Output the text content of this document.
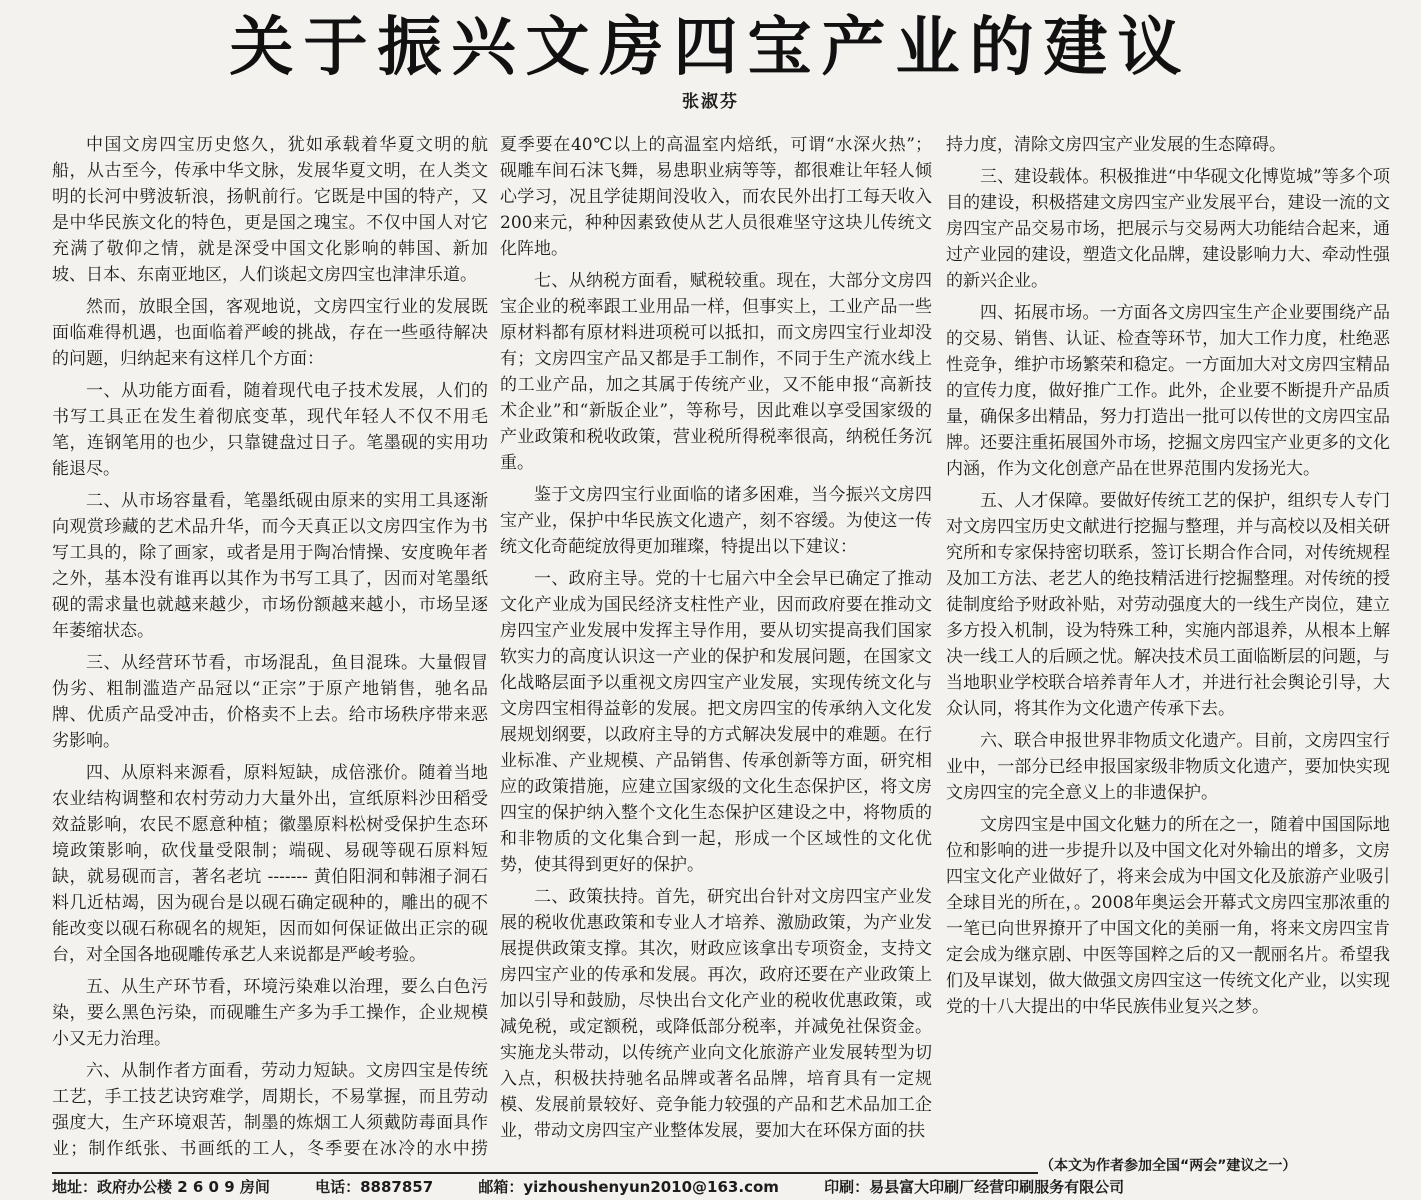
关于振兴文房四宝产业的建议
张淑芬

中国文房四宝历史悠久，犹如承载着华夏文明的航船，从古至今，传承中华文脉，发展华夏文明，在人类文明的长河中劈波斩浪，扬帆前行。它既是中国的特产，又是中华民族文化的特色，更是国之瑰宝。不仅中国人对它充满了敬仰之情，就是深受中国文化影响的韩国、新加坡、日本、东南亚地区，人们谈起文房四宝也津津乐道。

然而，放眼全国，客观地说，文房四宝行业的发展既面临难得机遇，也面临着严峻的挑战，存在一些亟待解决的问题，归纳起来有这样几个方面：

一、从功能方面看，随着现代电子技术发展，人们的书写工具正在发生着彻底变革，现代年轻人不仅不用毛笔，连钢笔用的也少，只靠键盘过日子。笔墨砚的实用功能退尽。

二、从市场容量看，笔墨纸砚由原来的实用工具逐渐向观赏珍藏的艺术品升华，而今天真正以文房四宝作为书写工具的，除了画家，或者是用于陶冶情操、安度晚年者之外，基本没有谁再以其作为书写工具了，因而对笔墨纸砚的需求量也就越来越少，市场份额越来越小，市场呈逐年萎缩状态。

三、从经营环节看，市场混乱，鱼目混珠。大量假冒伪劣、粗制滥造产品冠以“正宗”于原产地销售，驰名品牌、优质产品受冲击，价格卖不上去。给市场秩序带来恶劣影响。

四、从原料来源看，原料短缺，成倍涨价。随着当地农业结构调整和农村劳动力大量外出，宣纸原料沙田稻受效益影响，农民不愿意种植；徽墨原料松树受保护生态环境政策影响，砍伐量受限制；端砚、易砚等砚石原料短缺，就易砚而言，著名老坑 ------- 黄伯阳洞和韩湘子洞石料几近枯竭，因为砚台是以砚石确定砚种的，雕出的砚不能改变以砚石称砚名的规矩，因而如何保证做出正宗的砚台，对全国各地砚雕传承艺人来说都是严峻考验。

五、从生产环节看，环境污染难以治理，要么白色污染，要么黑色污染，而砚雕生产多为手工操作，企业规模小又无力治理。

六、从制作者方面看，劳动力短缺。文房四宝是传统工艺，手工技艺诀窍难学，周期长，不易掌握，而且劳动强度大，生产环境艰苦，制墨的炼烟工人须戴防毒面具作业；制作纸张、书画纸的工人，冬季要在冰冷的水中捞

夏季要在40℃以上的高温室内焙纸，可谓“水深火热”；砚雕车间石沫飞舞，易患职业病等等，都很难让年轻人倾心学习，况且学徒期间没收入，而农民外出打工每天收入200来元，种种因素致使从艺人员很难坚守这块儿传统文化阵地。

七、从纳税方面看，赋税较重。现在，大部分文房四宝企业的税率跟工业用品一样，但事实上，工业产品一些原材料都有原材料进项税可以抵扣，而文房四宝行业却没有；文房四宝产品又都是手工制作，不同于生产流水线上的工业产品，加之其属于传统产业，又不能申报“高新技术企业”和“新版企业”，等称号，因此难以享受国家级的产业政策和税收政策，营业税所得税率很高，纳税任务沉重。

鉴于文房四宝行业面临的诸多困难，当今振兴文房四宝产业，保护中华民族文化遗产，刻不容缓。为使这一传统文化奇葩绽放得更加璀璨，特提出以下建议：

一、政府主导。党的十七届六中全会早已确定了推动文化产业成为国民经济支柱性产业，因而政府要在推动文房四宝产业发展中发挥主导作用，要从切实提高我们国家软实力的高度认识这一产业的保护和发展问题，在国家文化战略层面予以重视文房四宝产业发展，实现传统文化与文房四宝相得益彰的发展。把文房四宝的传承纳入文化发展规划纲要，以政府主导的方式解决发展中的难题。在行业标准、产业规模、产品销售、传承创新等方面，研究相应的政策措施，应建立国家级的文化生态保护区，将文房四宝的保护纳入整个文化生态保护区建设之中，将物质的和非物质的文化集合到一起，形成一个区域性的文化优势，使其得到更好的保护。

二、政策扶持。首先，研究出台针对文房四宝产业发展的税收优惠政策和专业人才培养、激励政策，为产业发展提供政策支撑。其次，财政应该拿出专项资金，支持文房四宝产业的传承和发展。再次，政府还要在产业政策上加以引导和鼓励，尽快出台文化产业的税收优惠政策，或减免税，或定额税，或降低部分税率，并减免社保资金。实施龙头带动，以传统产业向文化旅游产业发展转型为切入点，积极扶持驰名品牌或著名品牌，培育具有一定规模、发展前景较好、竞争能力较强的产品和艺术品加工企业，带动文房四宝产业整体发展，要加大在环保方面的扶

持力度，清除文房四宝产业发展的生态障碍。

三、建设载体。积极推进“中华砚文化博览城”等多个项目的建设，积极搭建文房四宝产业发展平台，建设一流的文房四宝产品交易市场，把展示与交易两大功能结合起来，通过产业园的建设，塑造文化品牌，建设影响力大、牵动性强的新兴企业。

四、拓展市场。一方面各文房四宝生产企业要围绕产品的交易、销售、认证、检查等环节，加大工作力度，杜绝恶性竞争，维护市场繁荣和稳定。一方面加大对文房四宝精品的宣传力度，做好推广工作。此外，企业要不断提升产品质量，确保多出精品，努力打造出一批可以传世的文房四宝品牌。还要注重拓展国外市场，挖掘文房四宝产业更多的文化内涵，作为文化创意产品在世界范围内发扬光大。

五、人才保障。要做好传统工艺的保护，组织专人专门对文房四宝历史文献进行挖掘与整理，并与高校以及相关研究所和专家保持密切联系，签订长期合作合同，对传统规程及加工方法、老艺人的绝技精活进行挖掘整理。对传统的授徒制度给予财政补贴，对劳动强度大的一线生产岗位，建立多方投入机制，设为特殊工种，实施内部退养，从根本上解决一线工人的后顾之忧。解决技术员工面临断层的问题，与当地职业学校联合培养青年人才，并进行社会舆论引导，大众认同，将其作为文化遗产传承下去。

六、联合申报世界非物质文化遗产。目前，文房四宝行业中，一部分已经申报国家级非物质文化遗产，要加快实现文房四宝的完全意义上的非遗保护。

文房四宝是中国文化魅力的所在之一，随着中国国际地位和影响的进一步提升以及中国文化对外输出的增多，文房四宝文化产业做好了，将来会成为中国文化及旅游产业吸引全球目光的所在，。2008年奥运会开幕式文房四宝那浓重的一笔已向世界撩开了中国文化的美丽一角，将来文房四宝肯定会成为继京剧、中医等国粹之后的又一靓丽名片。希望我们及早谋划，做大做强文房四宝这一传统文化产业，以实现党的十八大提出的中华民族伟业复兴之梦。

（本文为作者参加全国“两会”建议之一）
地址：政府办公楼 2 6 0 9 房间	电话：8887857	邮箱：yizhoushenyun2010@163.com	印刷：易县富大印刷厂经营印刷服务有限公司
